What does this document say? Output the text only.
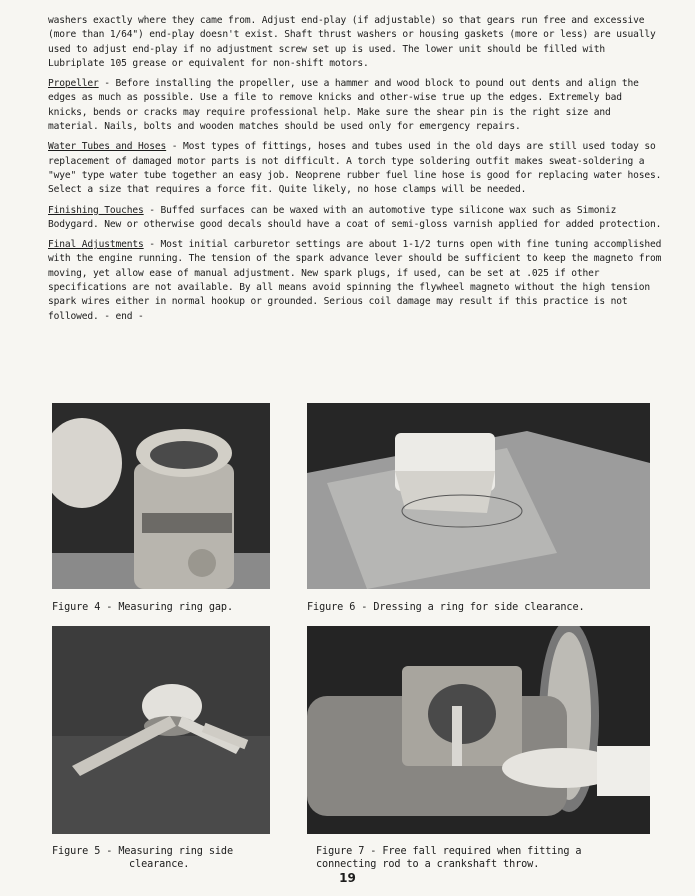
washers exactly where they came from. Adjust end-play (if adjustable) so that gears run free and excessive (more than 1/64") end-play doesn't exist. Shaft thrust washers or housing gaskets (more or less) are usually used to adjust end-play if no adjustment screw set up is used. The lower unit should be filled with Lubriplate 105 grease or equivalent for non-shift motors.

Propeller - Before installing the propeller, use a hammer and wood block to pound out dents and align the edges as much as possible. Use a file to remove knicks and other-wise true up the edges. Extremely bad knicks, bends or cracks may require professional help. Make sure the shear pin is the right size and material. Nails, bolts and wooden matches should be used only for emergency repairs.

Water Tubes and Hoses - Most types of fittings, hoses and tubes used in the old days are still used today so replacement of damaged motor parts is not difficult. A torch type soldering outfit makes sweat-soldering a "wye" type water tube together an easy job. Neoprene rubber fuel line hose is good for replacing water hoses. Select a size that requires a force fit. Quite likely, no hose clamps will be needed.

Finishing Touches - Buffed surfaces can be waxed with an automotive type silicone wax such as Simoniz Bodygard. New or otherwise good decals should have a coat of semi-gloss varnish applied for added protection.

Final Adjustments - Most initial carburetor settings are about 1-1/2 turns open with fine tuning accomplished with the engine running. The tension of the spark advance lever should be sufficient to keep the magneto from moving, yet allow ease of manual adjustment. New spark plugs, if used, can be set at .025 if other specifications are not available. By all means avoid spinning the flywheel magneto without the high tension spark wires either in normal hookup or grounded. Serious coil damage may result if this practice is not followed. - end -

Figure 4 - Measuring ring gap.	Figure 6 - Dressing a ring for side clearance.
Figure 5 - Measuring ring side
clearance.
Figure 7 - Free fall required when fitting a
connecting rod to a crankshaft throw.
19
